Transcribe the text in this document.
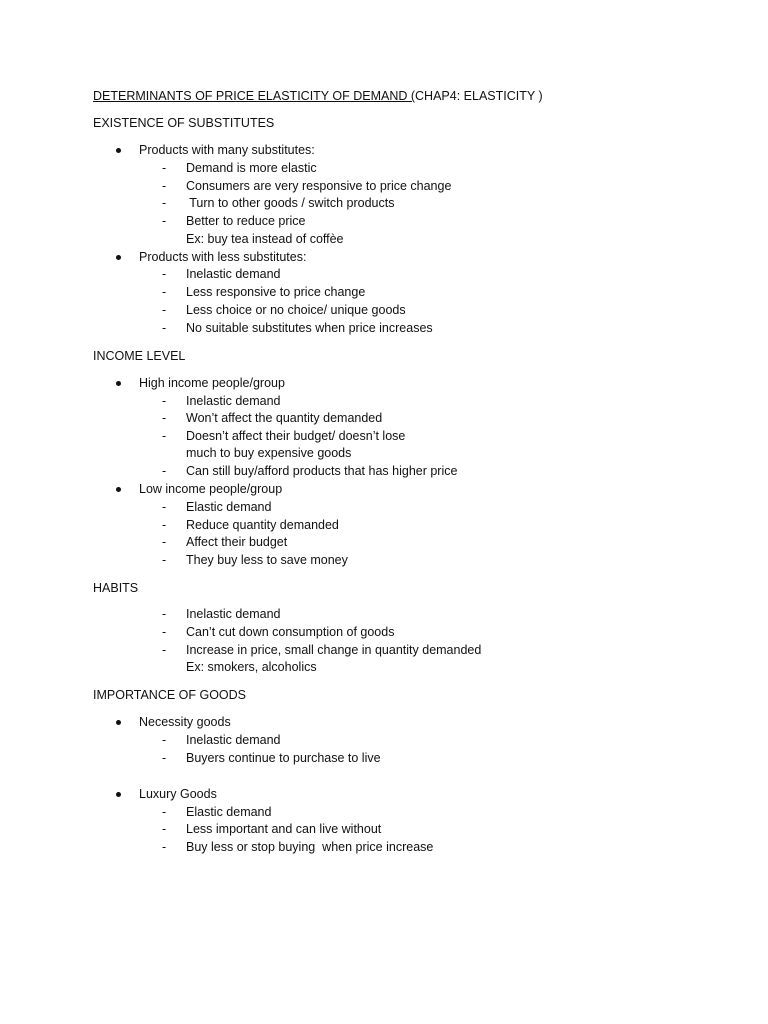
DETERMINANTS OF PRICE ELASTICITY OF DEMAND (CHAP4: ELASTICITY )
EXISTENCE OF SUBSTITUTES
Products with many substitutes:
- Demand is more elastic
- Consumers are very responsive to price change
- Turn to other goods / switch products
- Better to reduce price
Ex: buy tea instead of coffèe
Products with less substitutes:
- Inelastic demand
- Less responsive to price change
- Less choice or no choice/ unique goods
- No suitable substitutes when price increases
INCOME LEVEL
High income people/group
- Inelastic demand
- Won’t affect the quantity demanded
- Doesn’t affect their budget/ doesn’t lose
much to buy expensive goods
- Can still buy/afford products that has higher price
Low income people/group
- Elastic demand
- Reduce quantity demanded
- Affect their budget
- They buy less to save money
HABITS
- Inelastic demand
- Can’t cut down consumption of goods
- Increase in price, small change in quantity demanded
Ex: smokers, alcoholics
IMPORTANCE OF GOODS
Necessity goods
- Inelastic demand
- Buyers continue to purchase to live
Luxury Goods
- Elastic demand
- Less important and can live without
- Buy less or stop buying  when price increase
